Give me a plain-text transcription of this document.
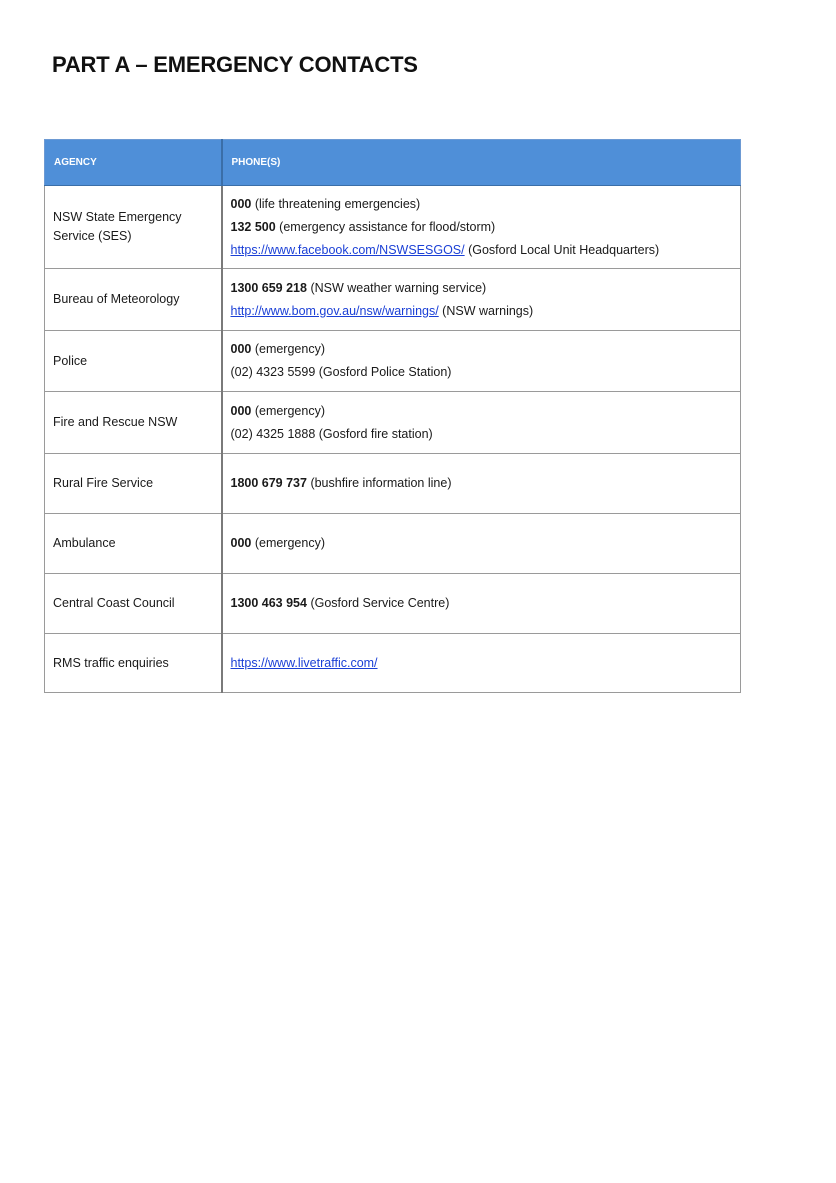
PART A – EMERGENCY CONTACTS
AGENCY	PHONE(S)
NSW State Emergency Service (SES)	000 (life threatening emergencies)
132 500 (emergency assistance for flood/storm)
https://www.facebook.com/NSWSESGOS/ (Gosford Local Unit Headquarters)

Bureau of Meteorology	1300 659 218 (NSW weather warning service)
http://www.bom.gov.au/nsw/warnings/ (NSW warnings)

Police	000 (emergency)
(02) 4323 5599 (Gosford Police Station)

Fire and Rescue NSW	000 (emergency)
(02) 4325 1888 (Gosford fire station)

Rural Fire Service	1800 679 737 (bushfire information line)

Ambulance	000 (emergency)

Central Coast Council	1300 463 954 (Gosford Service Centre)

RMS traffic enquiries	https://www.livetraffic.com/
